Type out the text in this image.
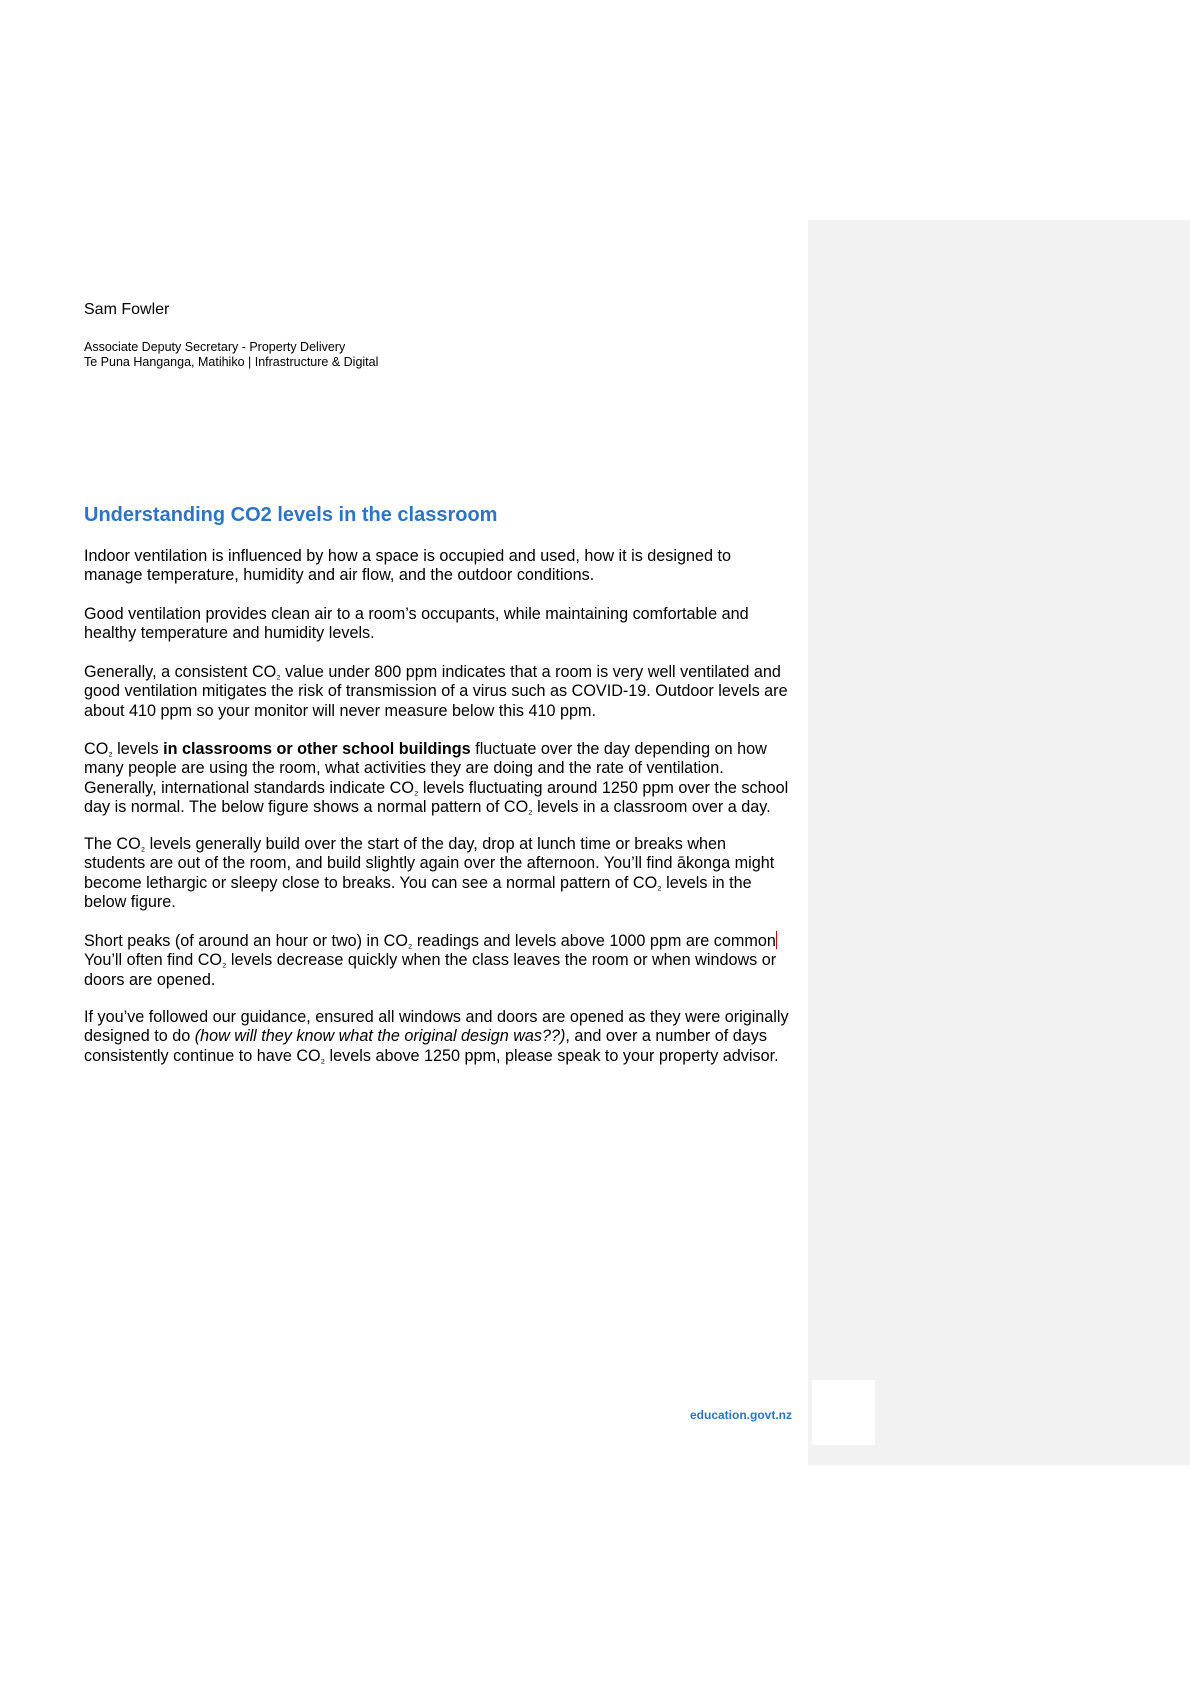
Sam Fowler
Associate Deputy Secretary - Property Delivery
Te Puna Hanganga, Matihiko | Infrastructure & Digital
Understanding CO2 levels in the classroom

Indoor ventilation is influenced by how a space is occupied and used, how it is designed to
manage temperature, humidity and air flow, and the outdoor conditions.

Good ventilation provides clean air to a room’s occupants, while maintaining comfortable and
healthy temperature and humidity levels.

Generally, a consistent $CO_{_2}$ value under 800 ppm indicates that a room is very well ventilated and
good ventilation mitigates the risk of transmission of a virus such as COVID-19. Outdoor levels are
about 410 ppm so your monitor will never measure below this 410 ppm.

$CO_{_2}$ levels in classrooms or other school buildings fluctuate over the day depending on how
many people are using the room, what activities they are doing and the rate of ventilation.
Generally, international standards indicate $CO_{_2}$ levels fluctuating around 1250 ppm over the school
day is normal. The below figure shows a normal pattern of $CO_{_2}$ levels in a classroom over a day.

The $CO_{_2}$ levels generally build over the start of the day, drop at lunch time or breaks when
students are out of the room, and build slightly again over the afternoon. You’ll find ākonga might
become lethargic or sleepy close to breaks. You can see a normal pattern of $CO_{_2}$ levels in the
below figure.

Short peaks (of around an hour or two) in $CO_{_2}$ readings and levels above 1000 ppm are common
You’ll often find $CO_{_2}$ levels decrease quickly when the class leaves the room or when windows or
doors are opened.

If you’ve followed our guidance, ensured all windows and doors are opened as they were originally
designed to do (how will they know what the original design was??), and over a number of days
consistently continue to have $CO_{_2}$ levels above 1250 ppm, please speak to your property advisor.

education.govt.nz
